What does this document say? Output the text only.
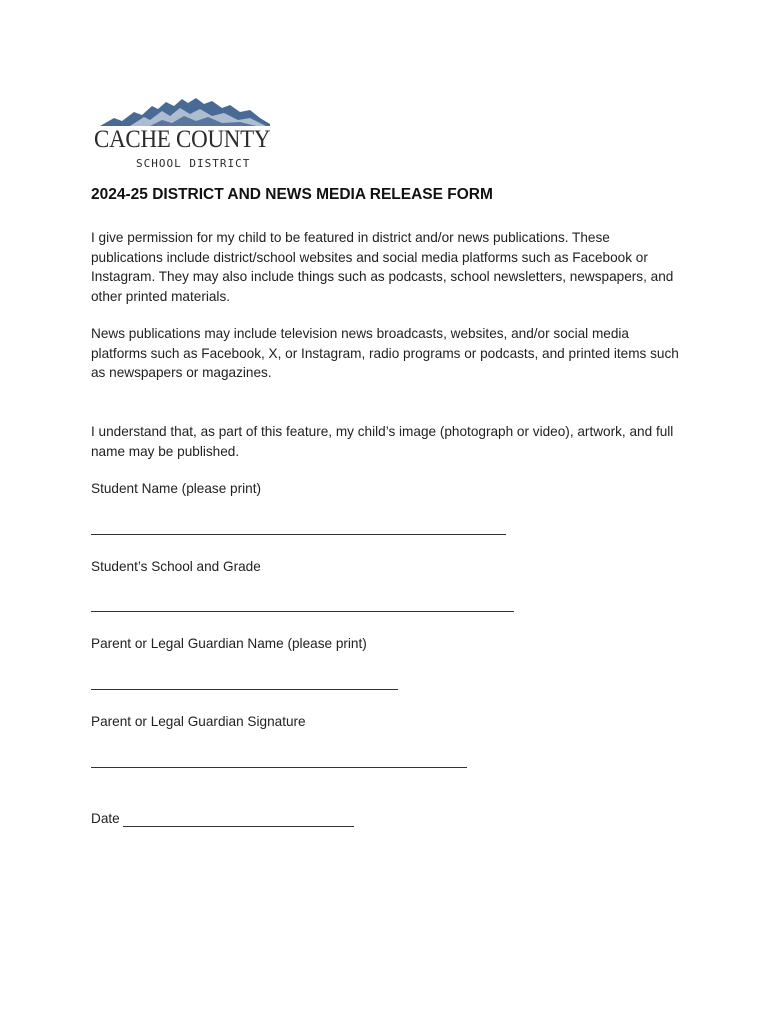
CACHE COUNTY
SCHOOL DISTRICT
2024-25 DISTRICT AND NEWS MEDIA RELEASE FORM
I give permission for my child to be featured in district and/or news publications. These publications include district/school websites and social media platforms such as Facebook or Instagram. They may also include things such as podcasts, school newsletters, newspapers, and other printed materials.
News publications may include television news broadcasts, websites, and/or social media platforms such as Facebook, X, or Instagram, radio programs or podcasts, and printed items such as newspapers or magazines.
I understand that, as part of this feature, my child’s image (photograph or video), artwork, and full name may be published.
Student Name (please print)
Student’s School and Grade
Parent or Legal Guardian Name (please print)
Parent or Legal Guardian Signature
Date
